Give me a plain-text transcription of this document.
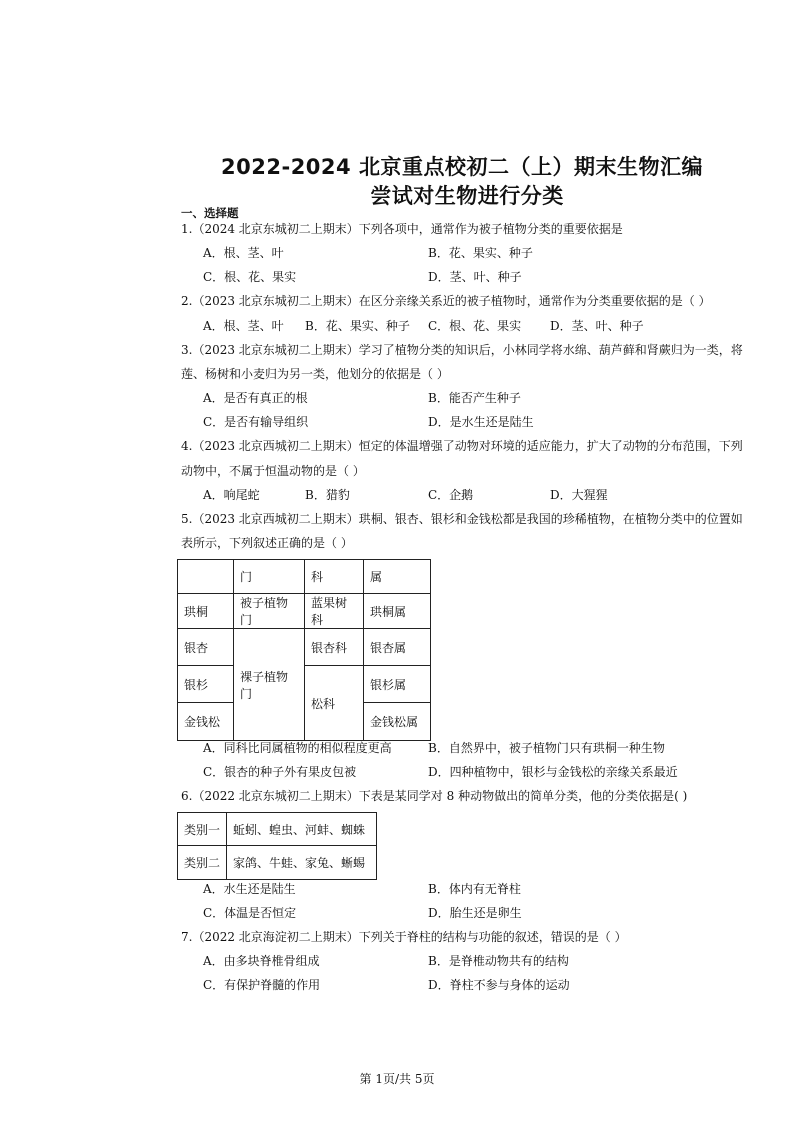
2022-2024 北京重点校初二（上）期末生物汇编
尝试对生物进行分类
一、选择题
1.（2024 北京东城初二上期末）下列各项中，通常作为被子植物分类的重要依据是
A．根、茎、叶	B．花、果实、种子
C．根、花、果实	D．茎、叶、种子
2.（2023 北京东城初二上期末）在区分亲缘关系近的被子植物时，通常作为分类重要依据的是（ ）
A．根、茎、叶 B．花、果实、种子 C．根、花、果实 D．茎、叶、种子
3.（2023 北京东城初二上期末）学习了植物分类的知识后，小林同学将水绵、葫芦藓和肾蕨归为一类，将
莲、杨树和小麦归为另一类，他划分的依据是（ ）
A．是否有真正的根	B．能否产生种子
C．是否有输导组织	D．是水生还是陆生
4.（2023 北京西城初二上期末）恒定的体温增强了动物对环境的适应能力，扩大了动物的分布范围，下列
动物中，不属于恒温动物的是（ ）
A．响尾蛇	B．猎豹	C．企鹅	D．大猩猩
5.（2023 北京西城初二上期末）珙桐、银杏、银杉和金钱松都是我国的珍稀植物，在植物分类中的位置如
表所示，下列叙述正确的是（ ）
	门	科	属
珙桐	被子植物门	蓝果树科	珙桐属
银杏	裸子植物门	银杏科	银杏属
银杉		松科	银杉属
金钱松			金钱松属
A．同科比同属植物的相似程度更高	B．自然界中，被子植物门只有珙桐一种生物
C．银杏的种子外有果皮包被	D．四种植物中，银杉与金钱松的亲缘关系最近
6.（2022 北京东城初二上期末）下表是某同学对 8 种动物做出的简单分类，他的分类依据是( )
类别一	蚯蚓、蝗虫、河蚌、蜘蛛
类别二	家鸽、牛蛙、家兔、蜥蜴
A．水生还是陆生	B．体内有无脊柱
C．体温是否恒定	D．胎生还是卵生
7.（2022 北京海淀初二上期末）下列关于脊柱的结构与功能的叙述，错误的是（ ）
A．由多块脊椎骨组成	B．是脊椎动物共有的结构
C．有保护脊髓的作用	D．脊柱不参与身体的运动
第 1页/共 5页
